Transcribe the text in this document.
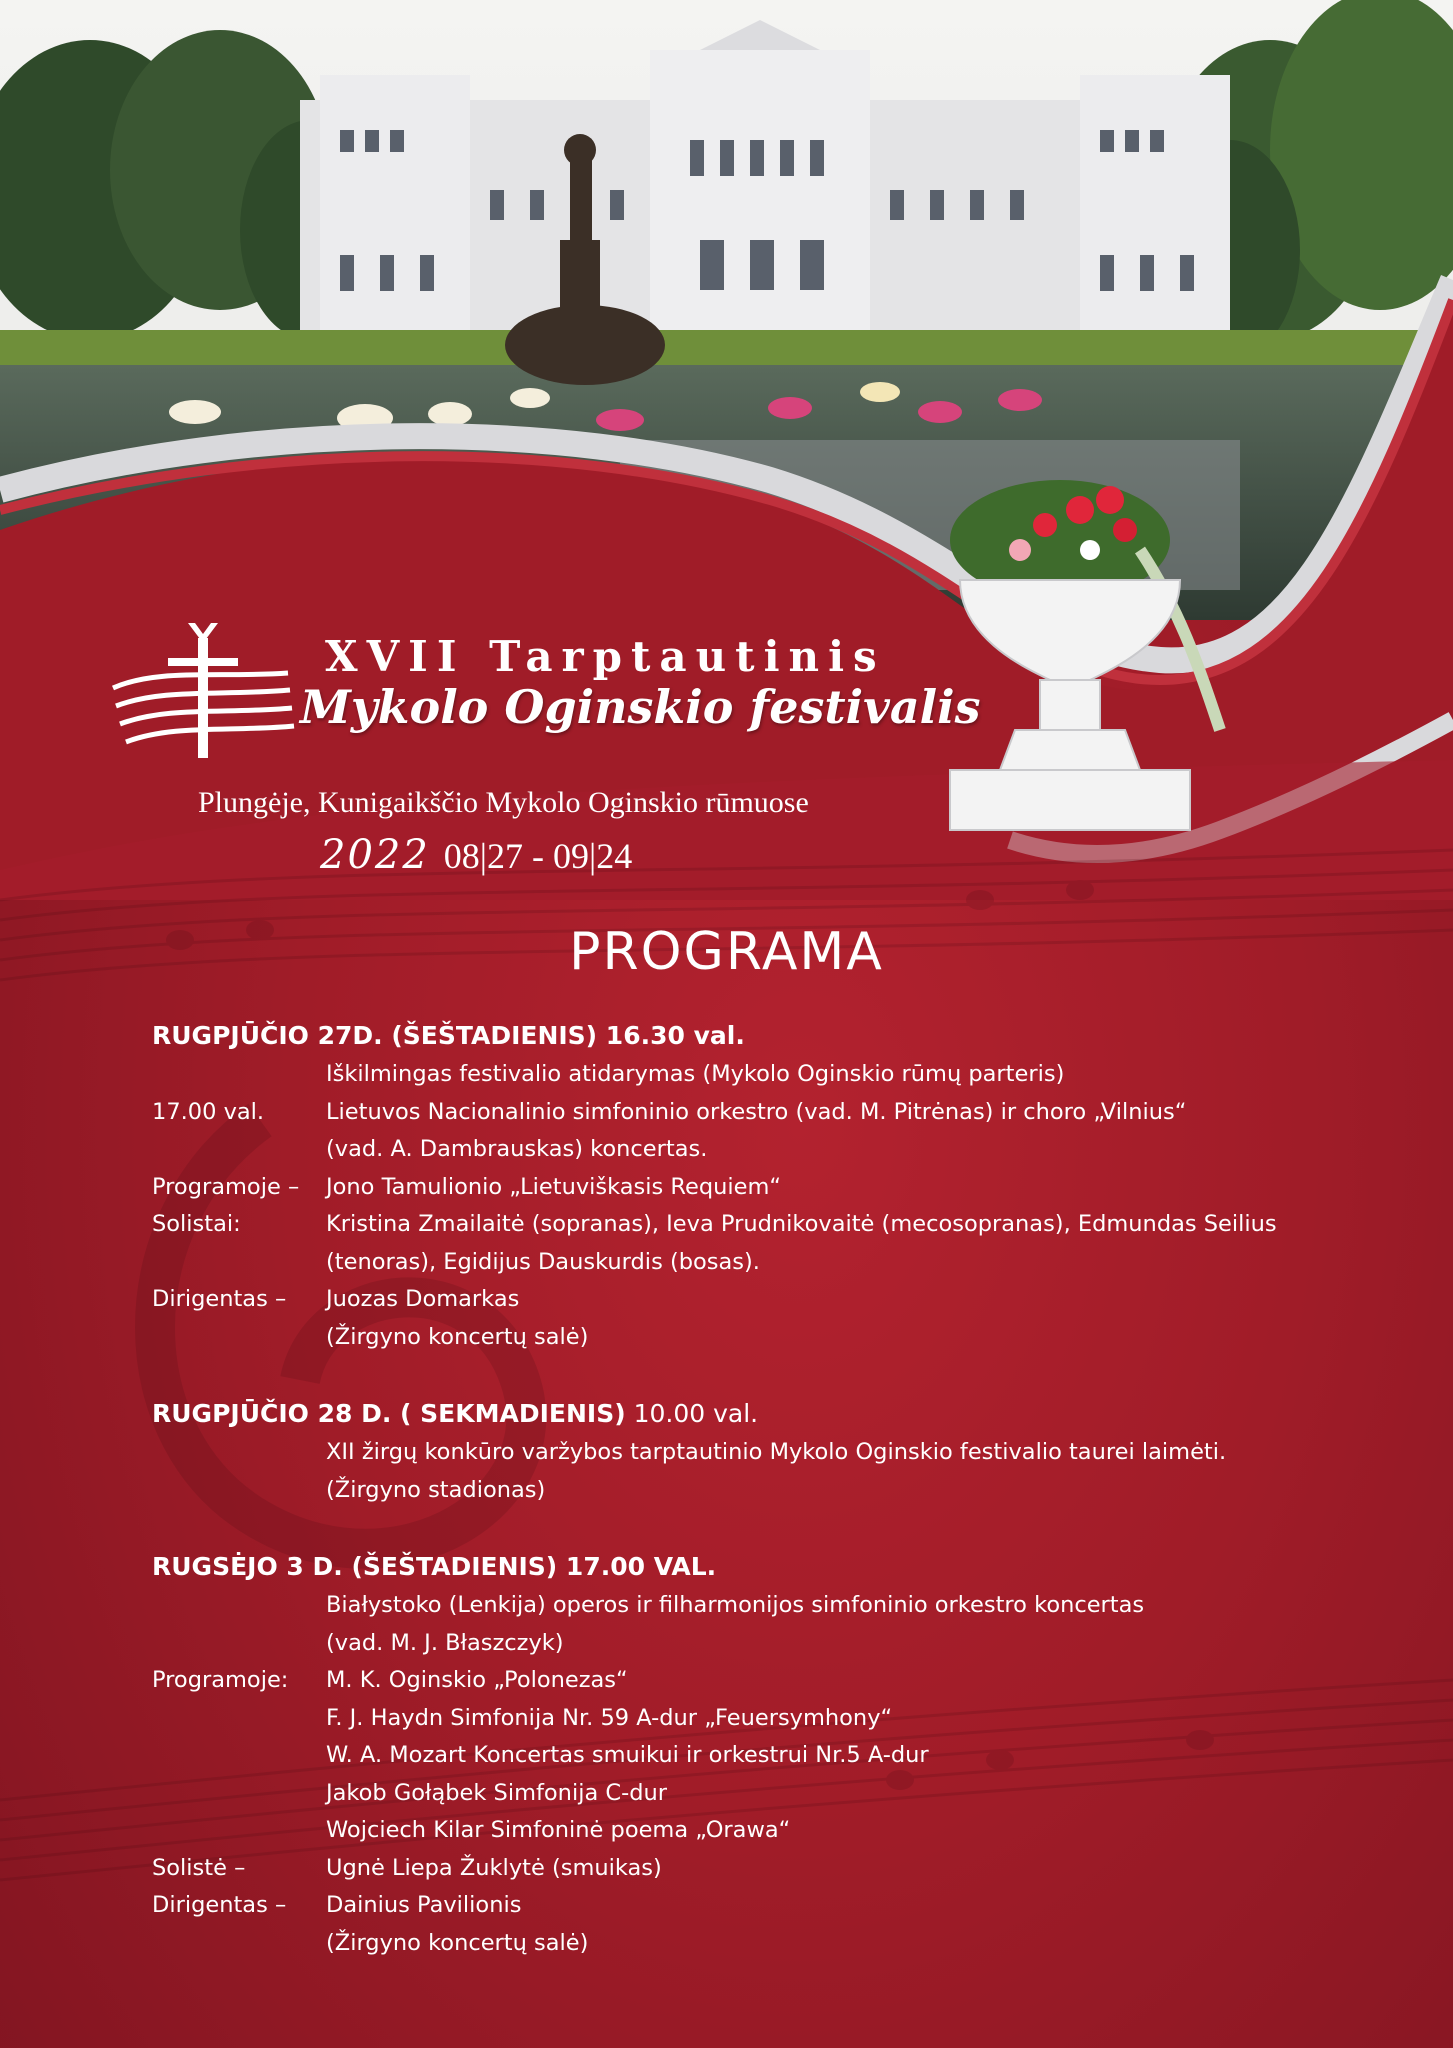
XVII Tarptautinis
Mykolo Oginskio festivalis
Plungėje, Kunigaikščio Mykolo Oginskio rūmuose
2022 08|27 - 09|24
PROGRAMA
RUGPJŪČIO 27D. (ŠEŠTADIENIS) 16.30 val.
Iškilmingas festivalio atidarymas (Mykolo Oginskio rūmų parteris)
17.00 val.	Lietuvos Nacionalinio simfoninio orkestro (vad. M. Pitrėnas) ir choro „Vilnius“
(vad. A. Dambrauskas) koncertas.
Programoje –	Jono Tamulionio „Lietuviškasis Requiem“
Solistai:	Kristina Zmailaitė (sopranas), Ieva Prudnikovaitė (mecosopranas), Edmundas Seilius
(tenoras), Egidijus Dauskurdis (bosas).
Dirigentas –	Juozas Domarkas
(Žirgyno koncertų salė)
RUGPJŪČIO 28 D. ( SEKMADIENIS) 10.00 val.
XII žirgų konkūro varžybos tarptautinio Mykolo Oginskio festivalio taurei laimėti.
(Žirgyno stadionas)
RUGSĖJO 3 D. (ŠEŠTADIENIS) 17.00 VAL.
Białystoko (Lenkija) operos ir filharmonijos simfoninio orkestro koncertas
(vad. M. J. Błaszczyk)
Programoje:	M. K. Oginskio „Polonezas“
F. J. Haydn Simfonija Nr. 59 A-dur „Feuersymhony“
W. A. Mozart Koncertas smuikui ir orkestrui Nr.5 A-dur
Jakob Gołąbek Simfonija C-dur
Wojciech Kilar Simfoninė poema „Orawa“
Solistė –	Ugnė Liepa Žuklytė (smuikas)
Dirigentas –	Dainius Pavilionis
(Žirgyno koncertų salė)
